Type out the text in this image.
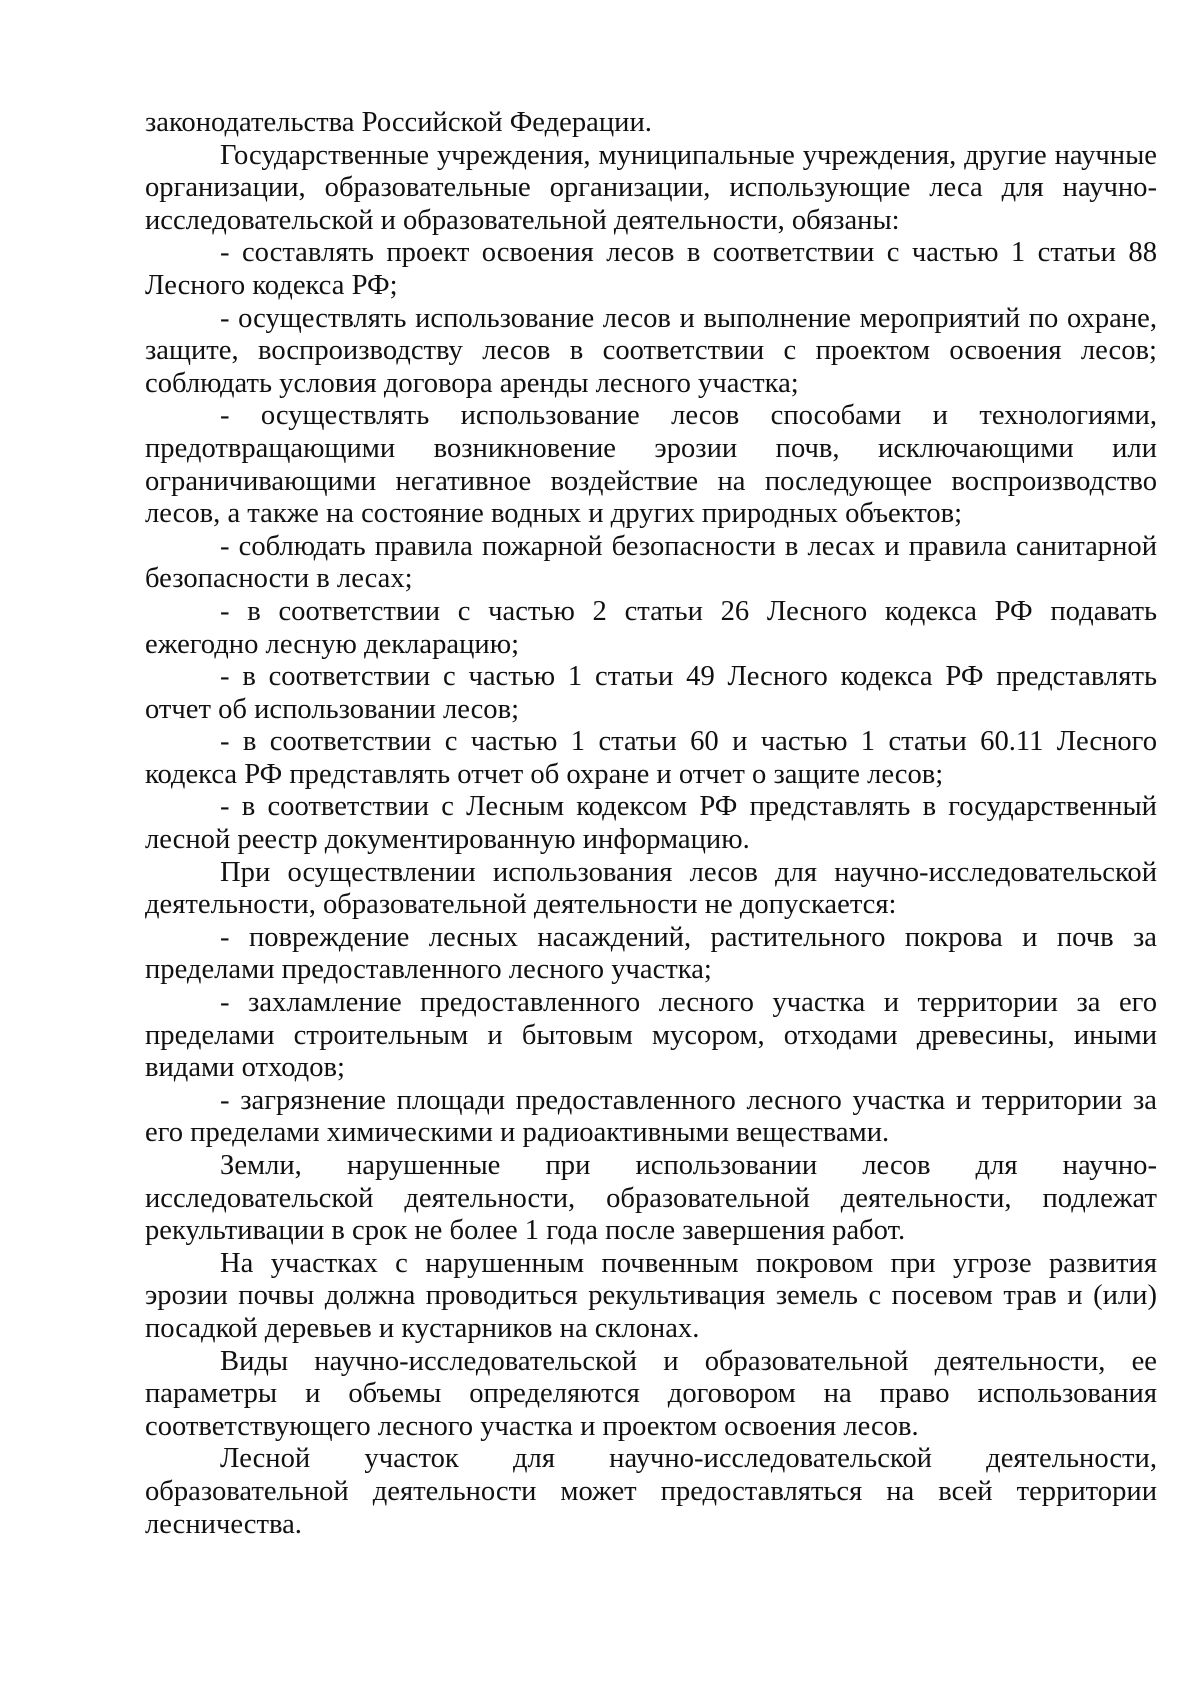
законодательства Российской Федерации.

Государственные учреждения, муниципальные учреждения, другие научные организации, образовательные организации, использующие леса для научно-исследовательской и образовательной деятельности, обязаны:

- составлять проект освоения лесов в соответствии с частью 1 статьи 88 Лесного кодекса РФ;

- осуществлять использование лесов и выполнение мероприятий по охране, защите, воспроизводству лесов в соответствии с проектом освоения лесов; соблюдать условия договора аренды лесного участка;

- осуществлять использование лесов способами и технологиями, предотвращающими возникновение эрозии почв, исключающими или ограничивающими негативное воздействие на последующее воспроизводство лесов, а также на состояние водных и других природных объектов;

- соблюдать правила пожарной безопасности в лесах и правила санитарной безопасности в лесах;

- в соответствии с частью 2 статьи 26 Лесного кодекса РФ подавать ежегодно лесную декларацию;

- в соответствии с частью 1 статьи 49 Лесного кодекса РФ представлять отчет об использовании лесов;

- в соответствии с частью 1 статьи 60 и частью 1 статьи 60.11 Лесного кодекса РФ представлять отчет об охране и отчет о защите лесов;

- в соответствии с Лесным кодексом РФ представлять в государственный лесной реестр документированную информацию.

При осуществлении использования лесов для научно-исследовательской деятельности, образовательной деятельности не допускается:

- повреждение лесных насаждений, растительного покрова и почв за пределами предоставленного лесного участка;

- захламление предоставленного лесного участка и территории за его пределами строительным и бытовым мусором, отходами древесины, иными видами отходов;

- загрязнение площади предоставленного лесного участка и территории за его пределами химическими и радиоактивными веществами.

Земли, нарушенные при использовании лесов для научно-исследовательской деятельности, образовательной деятельности, подлежат рекультивации в срок не более 1 года после завершения работ.

На участках с нарушенным почвенным покровом при угрозе развития эрозии почвы должна проводиться рекультивация земель с посевом трав и (или) посадкой деревьев и кустарников на склонах.

Виды научно-исследовательской и образовательной деятельности, ее параметры и объемы определяются договором на право использования соответствующего лесного участка и проектом освоения лесов.

Лесной участок для научно-исследовательской деятельности, образовательной деятельности может предоставляться на всей территории лесничества.
